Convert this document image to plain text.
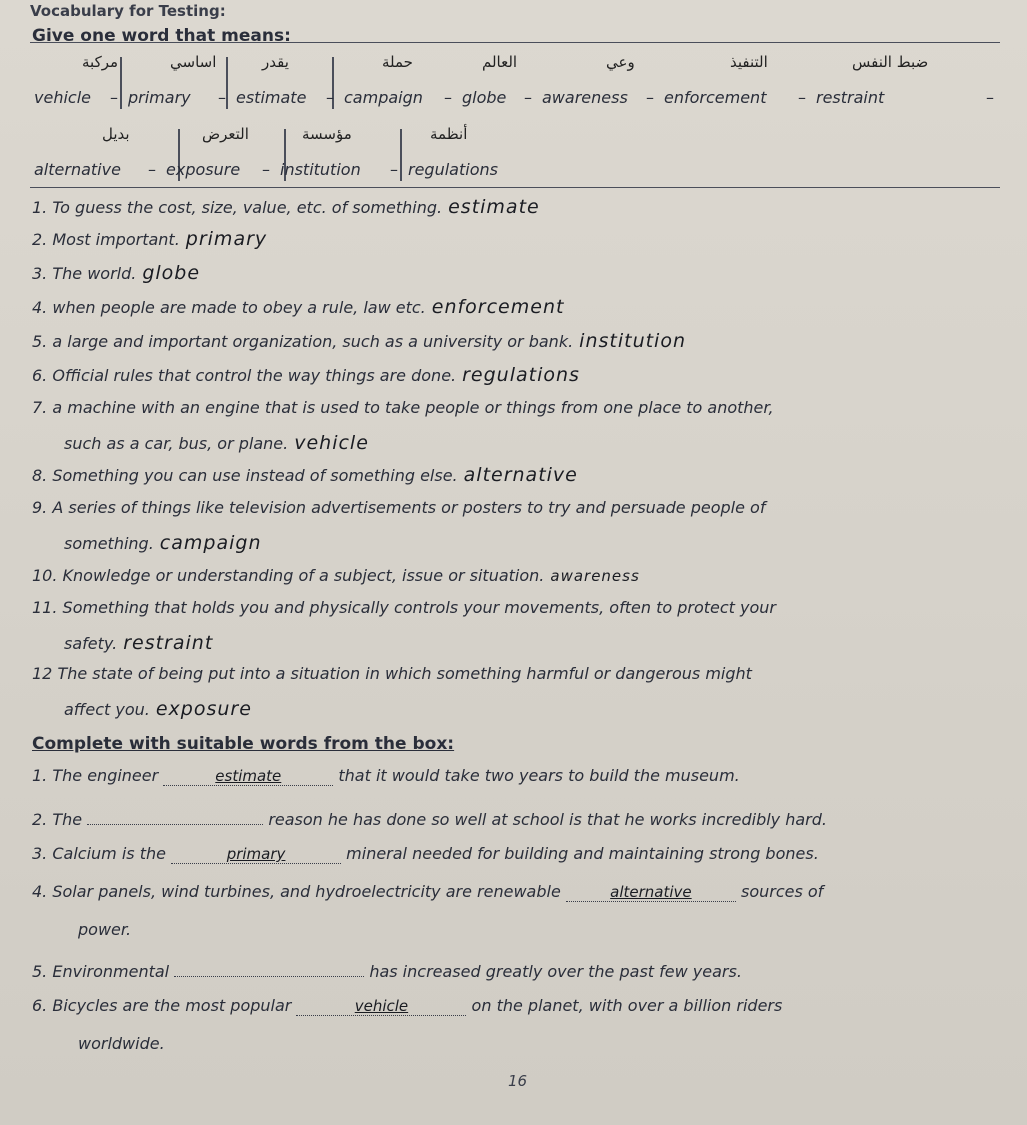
Vocabulary for Testing:
Give one word that means:
مركبة	اساسي	يقدر	حملة	العالم	وعي	التنفيذ	ضبط النفس
vehicle – primary – estimate – campaign – globe – awareness – enforcement – restraint	–
بديل	التعرض	مؤسسة	أنظمة
alternative – exposure – institution – regulations
1. To guess the cost, size, value, etc. of something. estimate
2. Most important. primary
3. The world. globe
4. when people are made to obey a rule, law etc. enforcement
5. a large and important organization, such as a university or bank. institution
6. Official rules that control the way things are done. regulations
7. a machine with an engine that is used to take people or things from one place to another,
such as a car, bus, or plane. vehicle
8. Something you can use instead of something else. alternative
9. A series of things like television advertisements or posters to try and persuade people of
something. campaign
10. Knowledge or understanding of a subject, issue or situation. awareness
11. Something that holds you and physically controls your movements, often to protect your
safety. restraint
12 The state of being put into a situation in which something harmful or dangerous might
affect you. exposure
Complete with suitable words from the box:
1. The engineer	estimate	that it would take two years to build the museum.
2. The	reason he has done so well at school is that he works incredibly hard.
3. Calcium is the	primary	mineral needed for building and maintaining strong bones.
4. Solar panels, wind turbines, and hydroelectricity are renewable	alternative	sources of
power.
5. Environmental	has increased greatly over the past few years.
6. Bicycles are the most popular	vehicle	on the planet, with over a billion riders
worldwide.
16
